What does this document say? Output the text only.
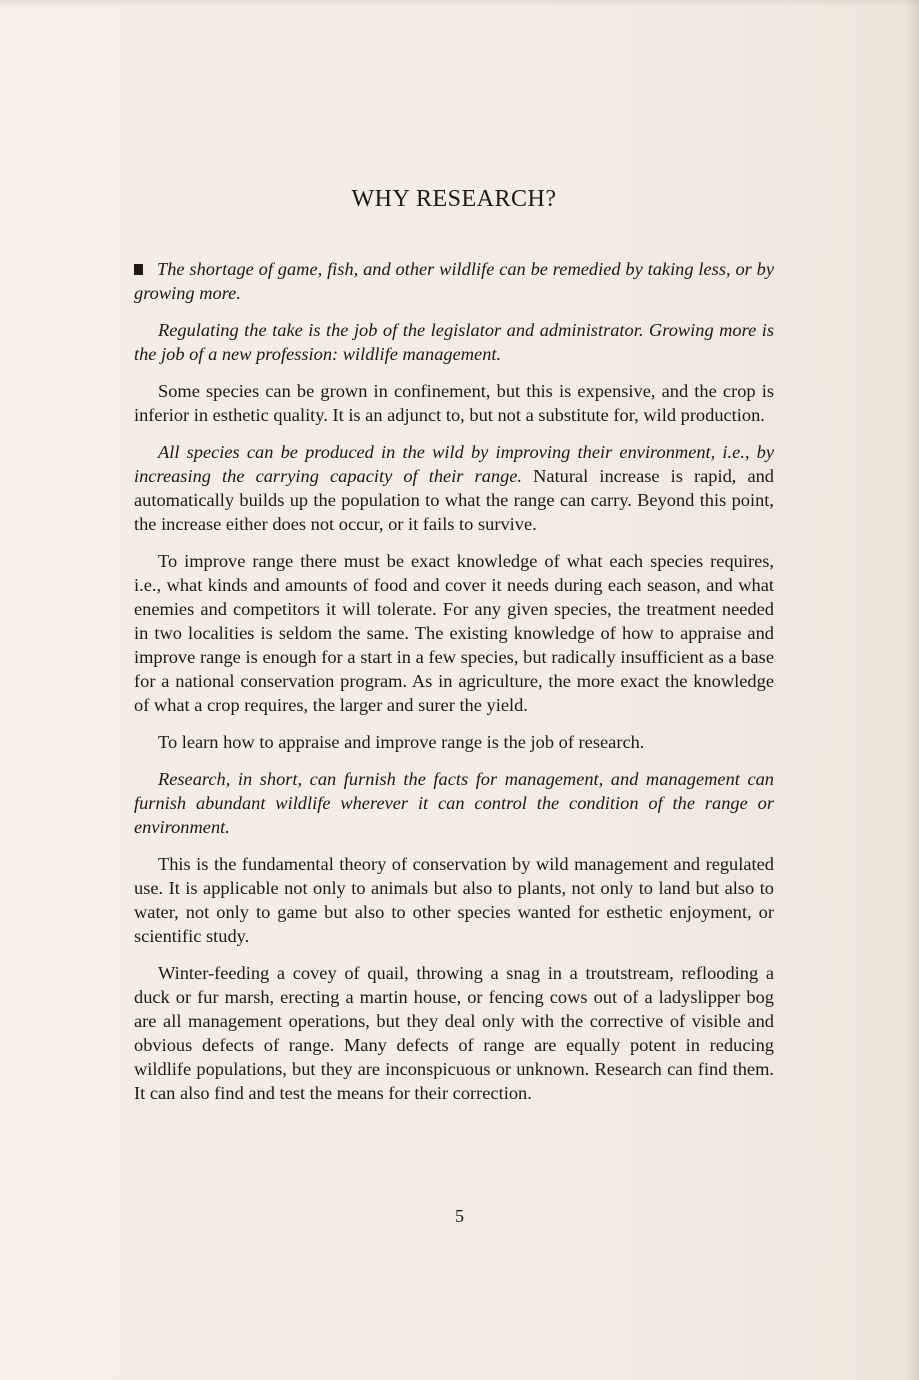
WHY RESEARCH?

The shortage of game, fish, and other wildlife can be remedied by taking less, or by growing more.

Regulating the take is the job of the legislator and administrator. Growing more is the job of a new profession: wildlife management.

Some species can be grown in confinement, but this is expensive, and the crop is inferior in esthetic quality. It is an adjunct to, but not a substitute for, wild production.

All species can be produced in the wild by improving their environment, i.e., by increasing the carrying capacity of their range. Natural increase is rapid, and automatically builds up the population to what the range can carry. Beyond this point, the increase either does not occur, or it fails to survive.

To improve range there must be exact knowledge of what each species requires, i.e., what kinds and amounts of food and cover it needs during each season, and what enemies and competitors it will tolerate. For any given species, the treatment needed in two localities is seldom the same. The existing knowledge of how to appraise and improve range is enough for a start in a few species, but radically insufficient as a base for a national conservation program. As in agriculture, the more exact the knowledge of what a crop requires, the larger and surer the yield.

To learn how to appraise and improve range is the job of research.

Research, in short, can furnish the facts for management, and management can furnish abundant wildlife wherever it can control the condition of the range or environment.

This is the fundamental theory of conservation by wild management and regulated use. It is applicable not only to animals but also to plants, not only to land but also to water, not only to game but also to other species wanted for esthetic enjoyment, or scientific study.

Winter-feeding a covey of quail, throwing a snag in a troutstream, reflooding a duck or fur marsh, erecting a martin house, or fencing cows out of a ladyslipper bog are all management operations, but they deal only with the corrective of visible and obvious defects of range. Many defects of range are equally potent in reducing wildlife populations, but they are inconspicuous or unknown. Research can find them. It can also find and test the means for their correction.

5
